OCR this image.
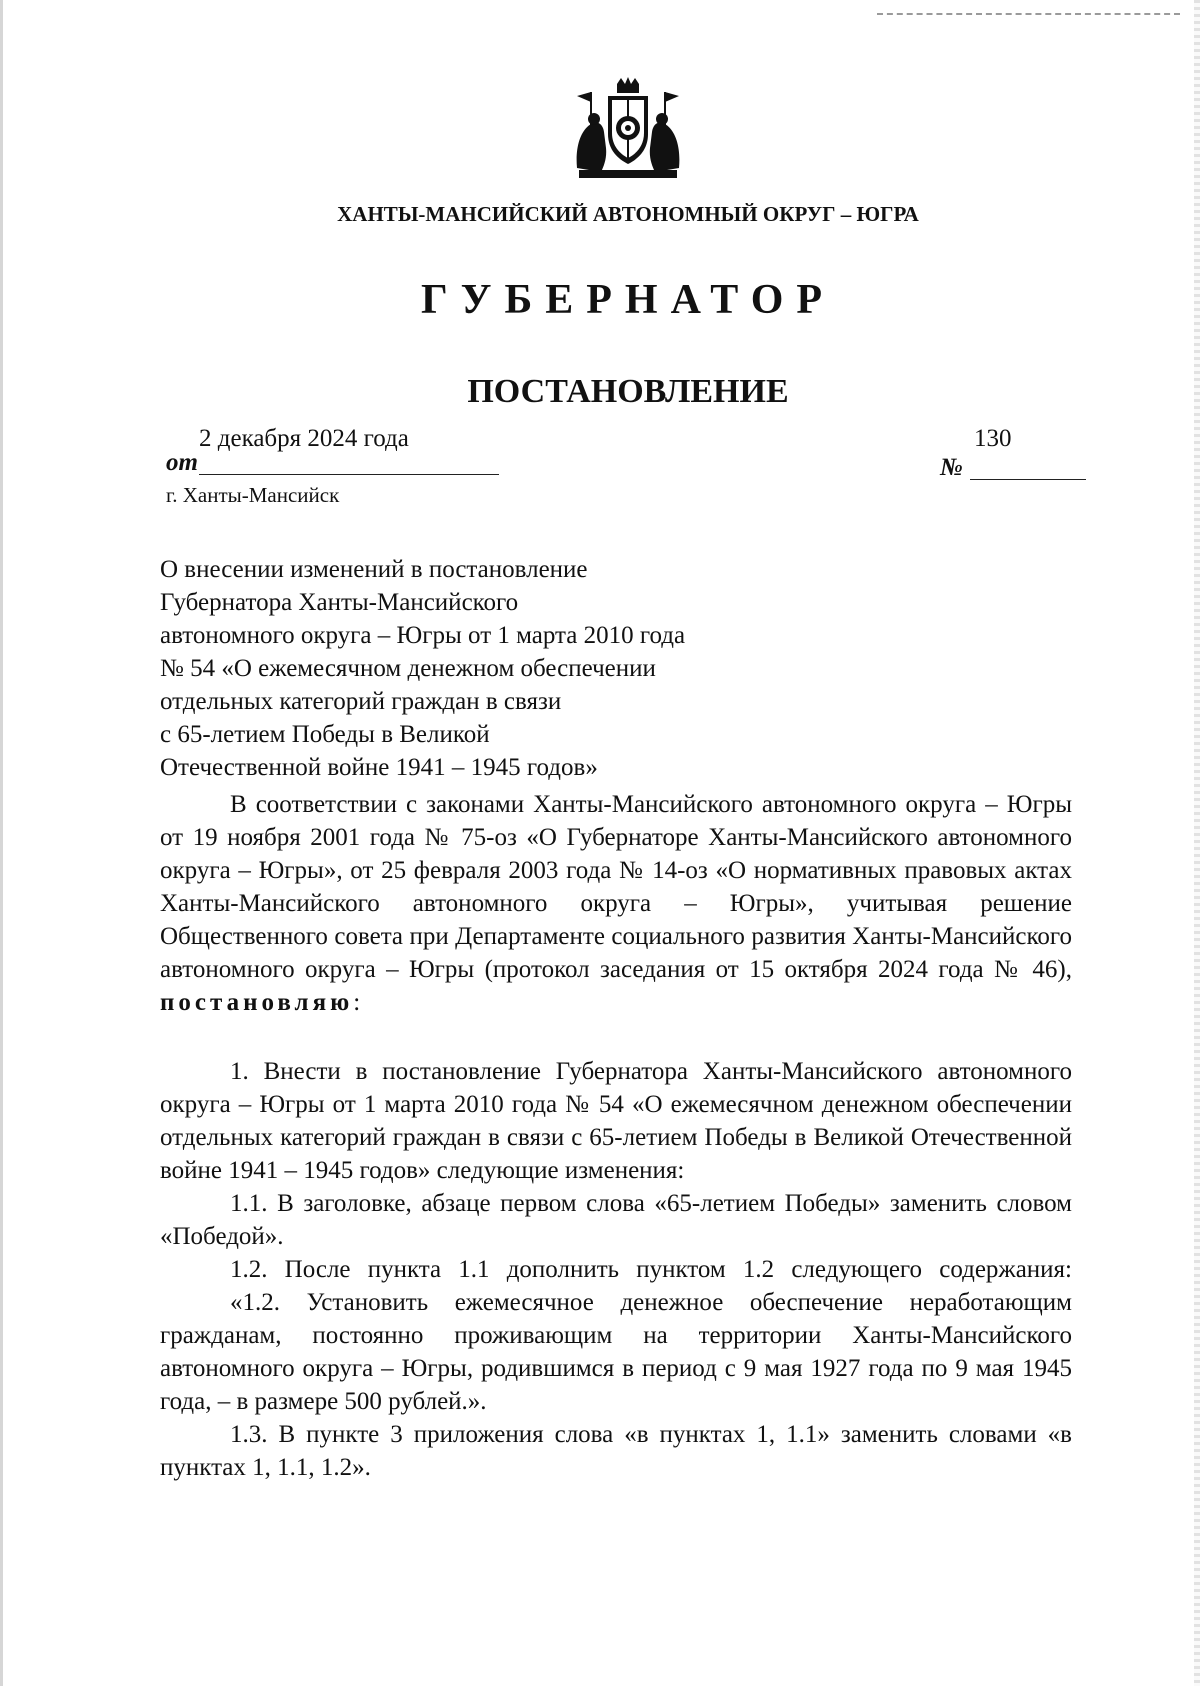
ХАНТЫ-МАНСИЙСКИЙ АВТОНОМНЫЙ ОКРУГ – ЮГРА
ГУБЕРНАТОР
ПОСТАНОВЛЕНИЕ
от
2 декабря 2024 года
№
130
г. Ханты-Мансийск
О внесении изменений в постановление
Губернатора Ханты-Мансийского
автономного округа – Югры от 1 марта 2010 года
№ 54 «О ежемесячном денежном обеспечении
отдельных категорий граждан в связи
с 65-летием Победы в Великой
Отечественной войне 1941 – 1945 годов»

В соответствии с законами Ханты-Мансийского автономного округа – Югры от 19 ноября 2001 года № 75-оз «О Губернаторе Ханты-Мансийского автономного округа – Югры», от 25 февраля 2003 года № 14-оз «О нормативных правовых актах Ханты-Мансийского автономного округа – Югры», учитывая решение Общественного совета при Департаменте социального развития Ханты-Мансийского автономного округа – Югры (протокол заседания от 15 октября 2024 года № 46), постановляю:

1. Внести в постановление Губернатора Ханты-Мансийского автономного округа – Югры от 1 марта 2010 года № 54 «О ежемесячном денежном обеспечении отдельных категорий граждан в связи с 65-летием Победы в Великой Отечественной войне 1941 – 1945 годов» следующие изменения:

1.1. В заголовке, абзаце первом слова «65-летием Победы» заменить словом «Победой».

1.2. После пункта 1.1 дополнить пунктом 1.2 следующего содержания:

«1.2. Установить ежемесячное денежное обеспечение неработающим гражданам, постоянно проживающим на территории Ханты-Мансийского автономного округа – Югры, родившимся в период с 9 мая 1927 года по 9 мая 1945 года, – в размере 500 рублей.».

1.3. В пункте 3 приложения слова «в пунктах 1, 1.1» заменить словами «в пунктах 1, 1.1, 1.2».
